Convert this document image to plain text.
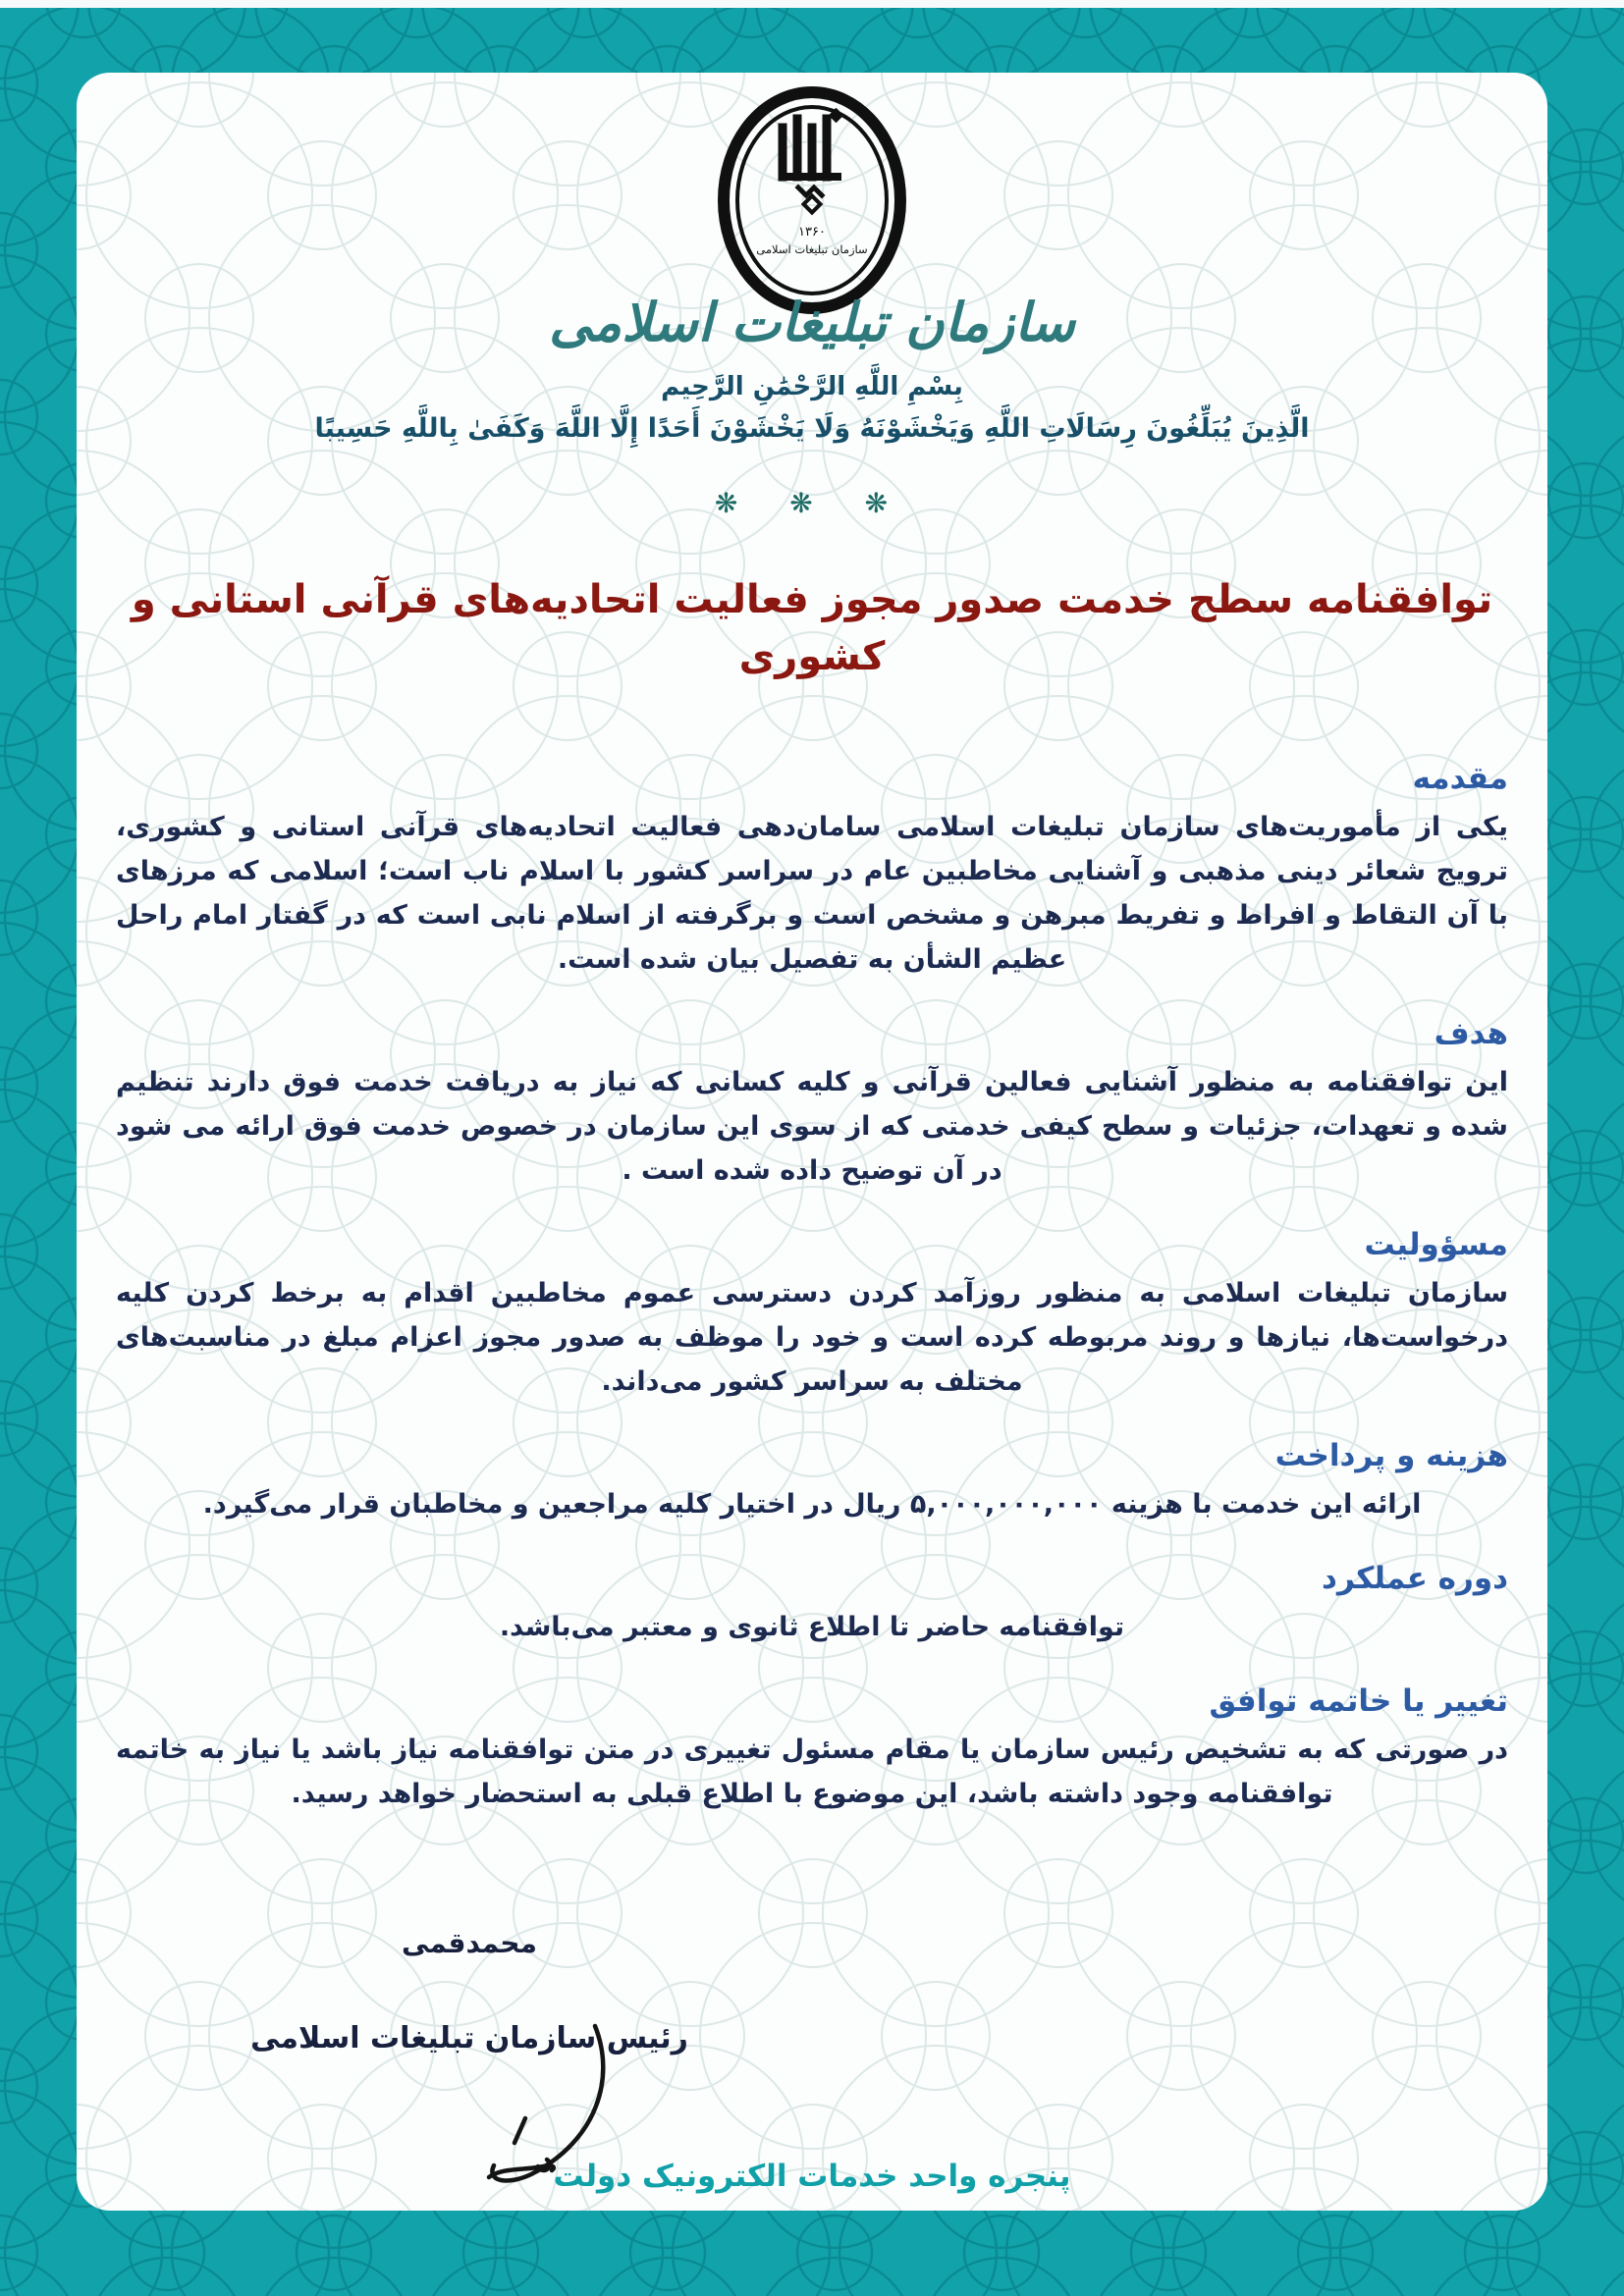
۱۳۶۰
سازمان تبلیغات اسلامی
سازمان تبلیغات اسلامی
بِسْمِ اللَّهِ الرَّحْمَٰنِ الرَّحِيم
الَّذِينَ يُبَلِّغُونَ رِسَالَاتِ اللَّهِ وَيَخْشَوْنَهُ وَلَا يَخْشَوْنَ أَحَدًا إِلَّا اللَّهَ وَكَفَىٰ بِاللَّهِ حَسِيبًا
❋ ❋ ❋
توافقنامه سطح خدمت صدور مجوز فعالیت اتحادیه‌های قرآنی استانی و کشوری
مقدمه

یکی از مأموریت‌های سازمان تبلیغات اسلامی سامان‌دهی فعالیت اتحادیه‌های قرآنی استانی و کشوری، ترویج شعائر دینی مذهبی و آشنایی مخاطبین عام در سراسر کشور با اسلام ناب است؛ اسلامی که مرزهای با آن التقاط و افراط و تفریط مبرهن و مشخص است و برگرفته از اسلام نابی است که در گفتار امام راحل عظیم الشأن به تفصیل بیان شده است.

هدف

این توافقنامه به منظور آشنایی فعالین قرآنی و کلیه کسانی که نیاز به دریافت خدمت فوق دارند تنظیم شده و تعهدات، جزئیات و سطح کیفی خدمتی که از سوی این سازمان در خصوص خدمت فوق ارائه می شود در آن توضیح داده شده است .

مسؤولیت

سازمان تبلیغات اسلامی به منظور روزآمد کردن دسترسی عموم مخاطبین اقدام به برخط کردن کلیه درخواست‌ها، نیازها و روند مربوطه کرده است و خود را موظف به صدور مجوز اعزام مبلغ در مناسبت‌های مختلف به سراسر کشور می‌داند.

هزینه و پرداخت

ارائه این خدمت با هزینه ۵,۰۰۰,۰۰۰,۰۰۰ ریال در اختیار کلیه مراجعین و مخاطبان قرار می‌گیرد.

دوره عملکرد

توافقنامه حاضر تا اطلاع ثانوی و معتبر می‌باشد.

تغییر یا خاتمه توافق

در صورتی که به تشخیص رئیس سازمان یا مقام مسئول تغییری در متن توافقنامه نیاز باشد یا نیاز به خاتمه توافقنامه وجود داشته باشد، این موضوع با اطلاع قبلی به استحضار خواهد رسید.

محمدقمی
رئیس سازمان تبلیغات اسلامی
پنجره واحد خدمات الکترونیک دولت
